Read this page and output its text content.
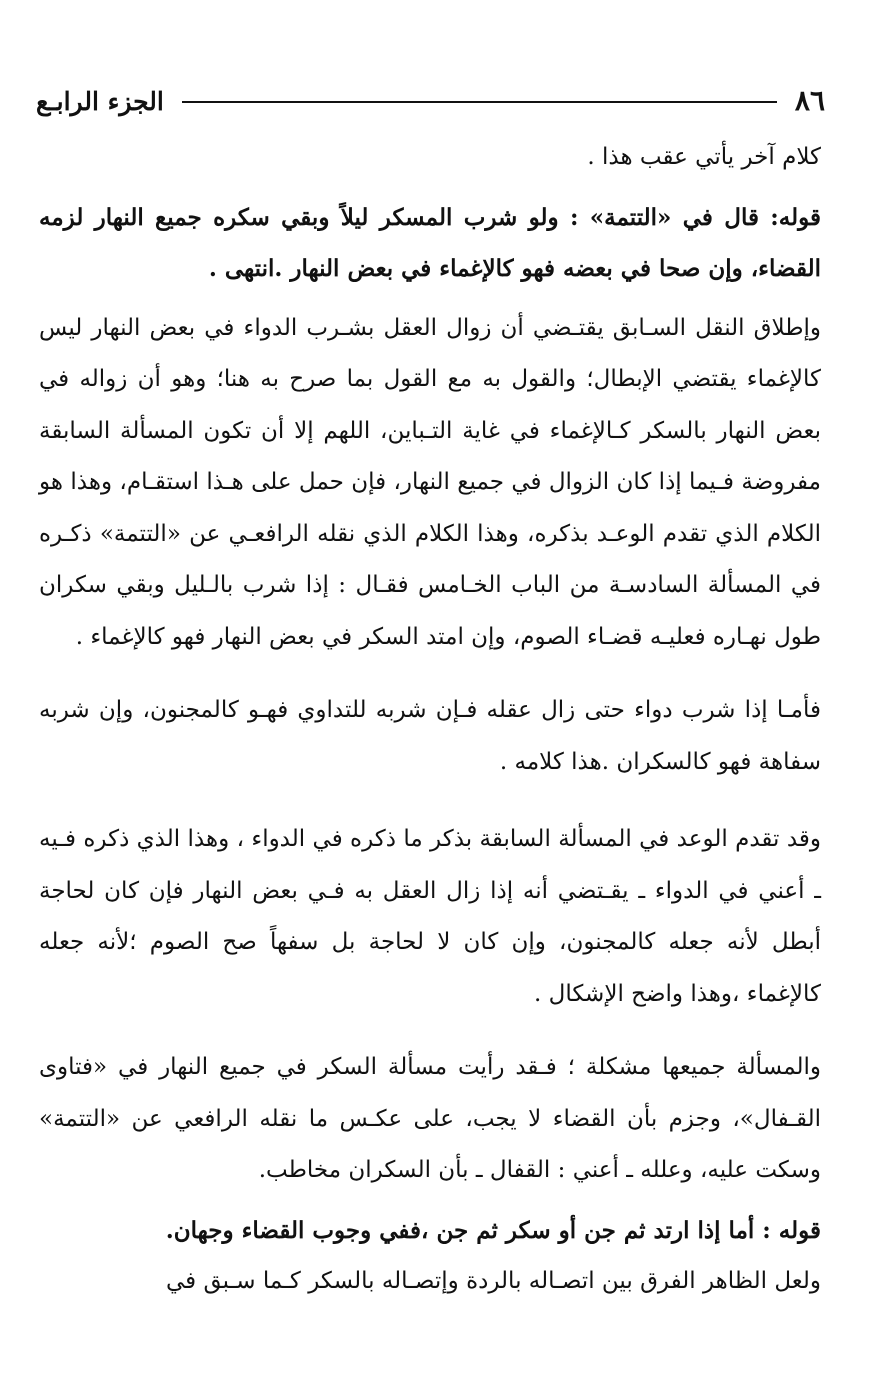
٨٦
الجزء الرابـع

كلام آخر يأتي عقب هذا .

قوله: قال في «التتمة» : ولو شرب المسكر ليلاً وبقي سكره جميع النهار لزمه القضاء، وإن صحا في بعضه فهو كالإغماء في بعض النهار .انتهى .

وإطلاق النقل السـابق يقتـضي أن زوال العقل بشـرب الدواء في بعض النهار ليس كالإغماء يقتضي الإبطال؛ والقول به مع القول بما صرح به هنا؛ وهو أن زواله في بعض النهار بالسكر كـالإغماء في غاية التـباين، اللهم إلا أن تكون المسألة السابقة مفروضة فـيما إذا كان الزوال في جميع النهار، فإن حمل على هـذا استقـام، وهذا هو الكلام الذي تقدم الوعـد بذكره، وهذا الكلام الذي نقله الرافعـي عن «التتمة» ذكـره في المسألة السادسـة من الباب الخـامس فقـال : إذا شرب بالـليل وبقي سكران طول نهـاره فعليـه قضـاء الصوم، وإن امتد السكر في بعض النهار فهو كالإغماء .

فأمـا إذا شرب دواء حتى زال عقله فـإن شربه للتداوي فهـو كالمجنون، وإن شربه سفاهة فهو كالسكران .هذا كلامه .

وقد تقدم الوعد في المسألة السابقة بذكر ما ذكره في الدواء ، وهذا الذي ذكره فـيه ـ أعني في الدواء ـ يقـتضي أنه إذا زال العقل به فـي بعض النهار فإن كان لحاجة أبطل لأنه جعله كالمجنون، وإن كان لا لحاجة بل سفهاً صح الصوم ؛لأنه جعله كالإغماء ،وهذا واضح الإشكال .

والمسألة جميعها مشكلة ؛ فـقد رأيت مسألة السكر في جميع النهار في «فتاوى القـفال»، وجزم بأن القضاء لا يجب، على عكـس ما نقله الرافعي عن «التتمة» وسكت عليه، وعلله ـ أعني : القفال ـ بأن السكران مخاطب.

قوله : أما إذا ارتد ثم جن أو سكر ثم جن ،ففي وجوب القضاء وجهان.

ولعل الظاهر الفرق بين اتصـاله بالردة وإتصـاله بالسكر كـما سـبق في
